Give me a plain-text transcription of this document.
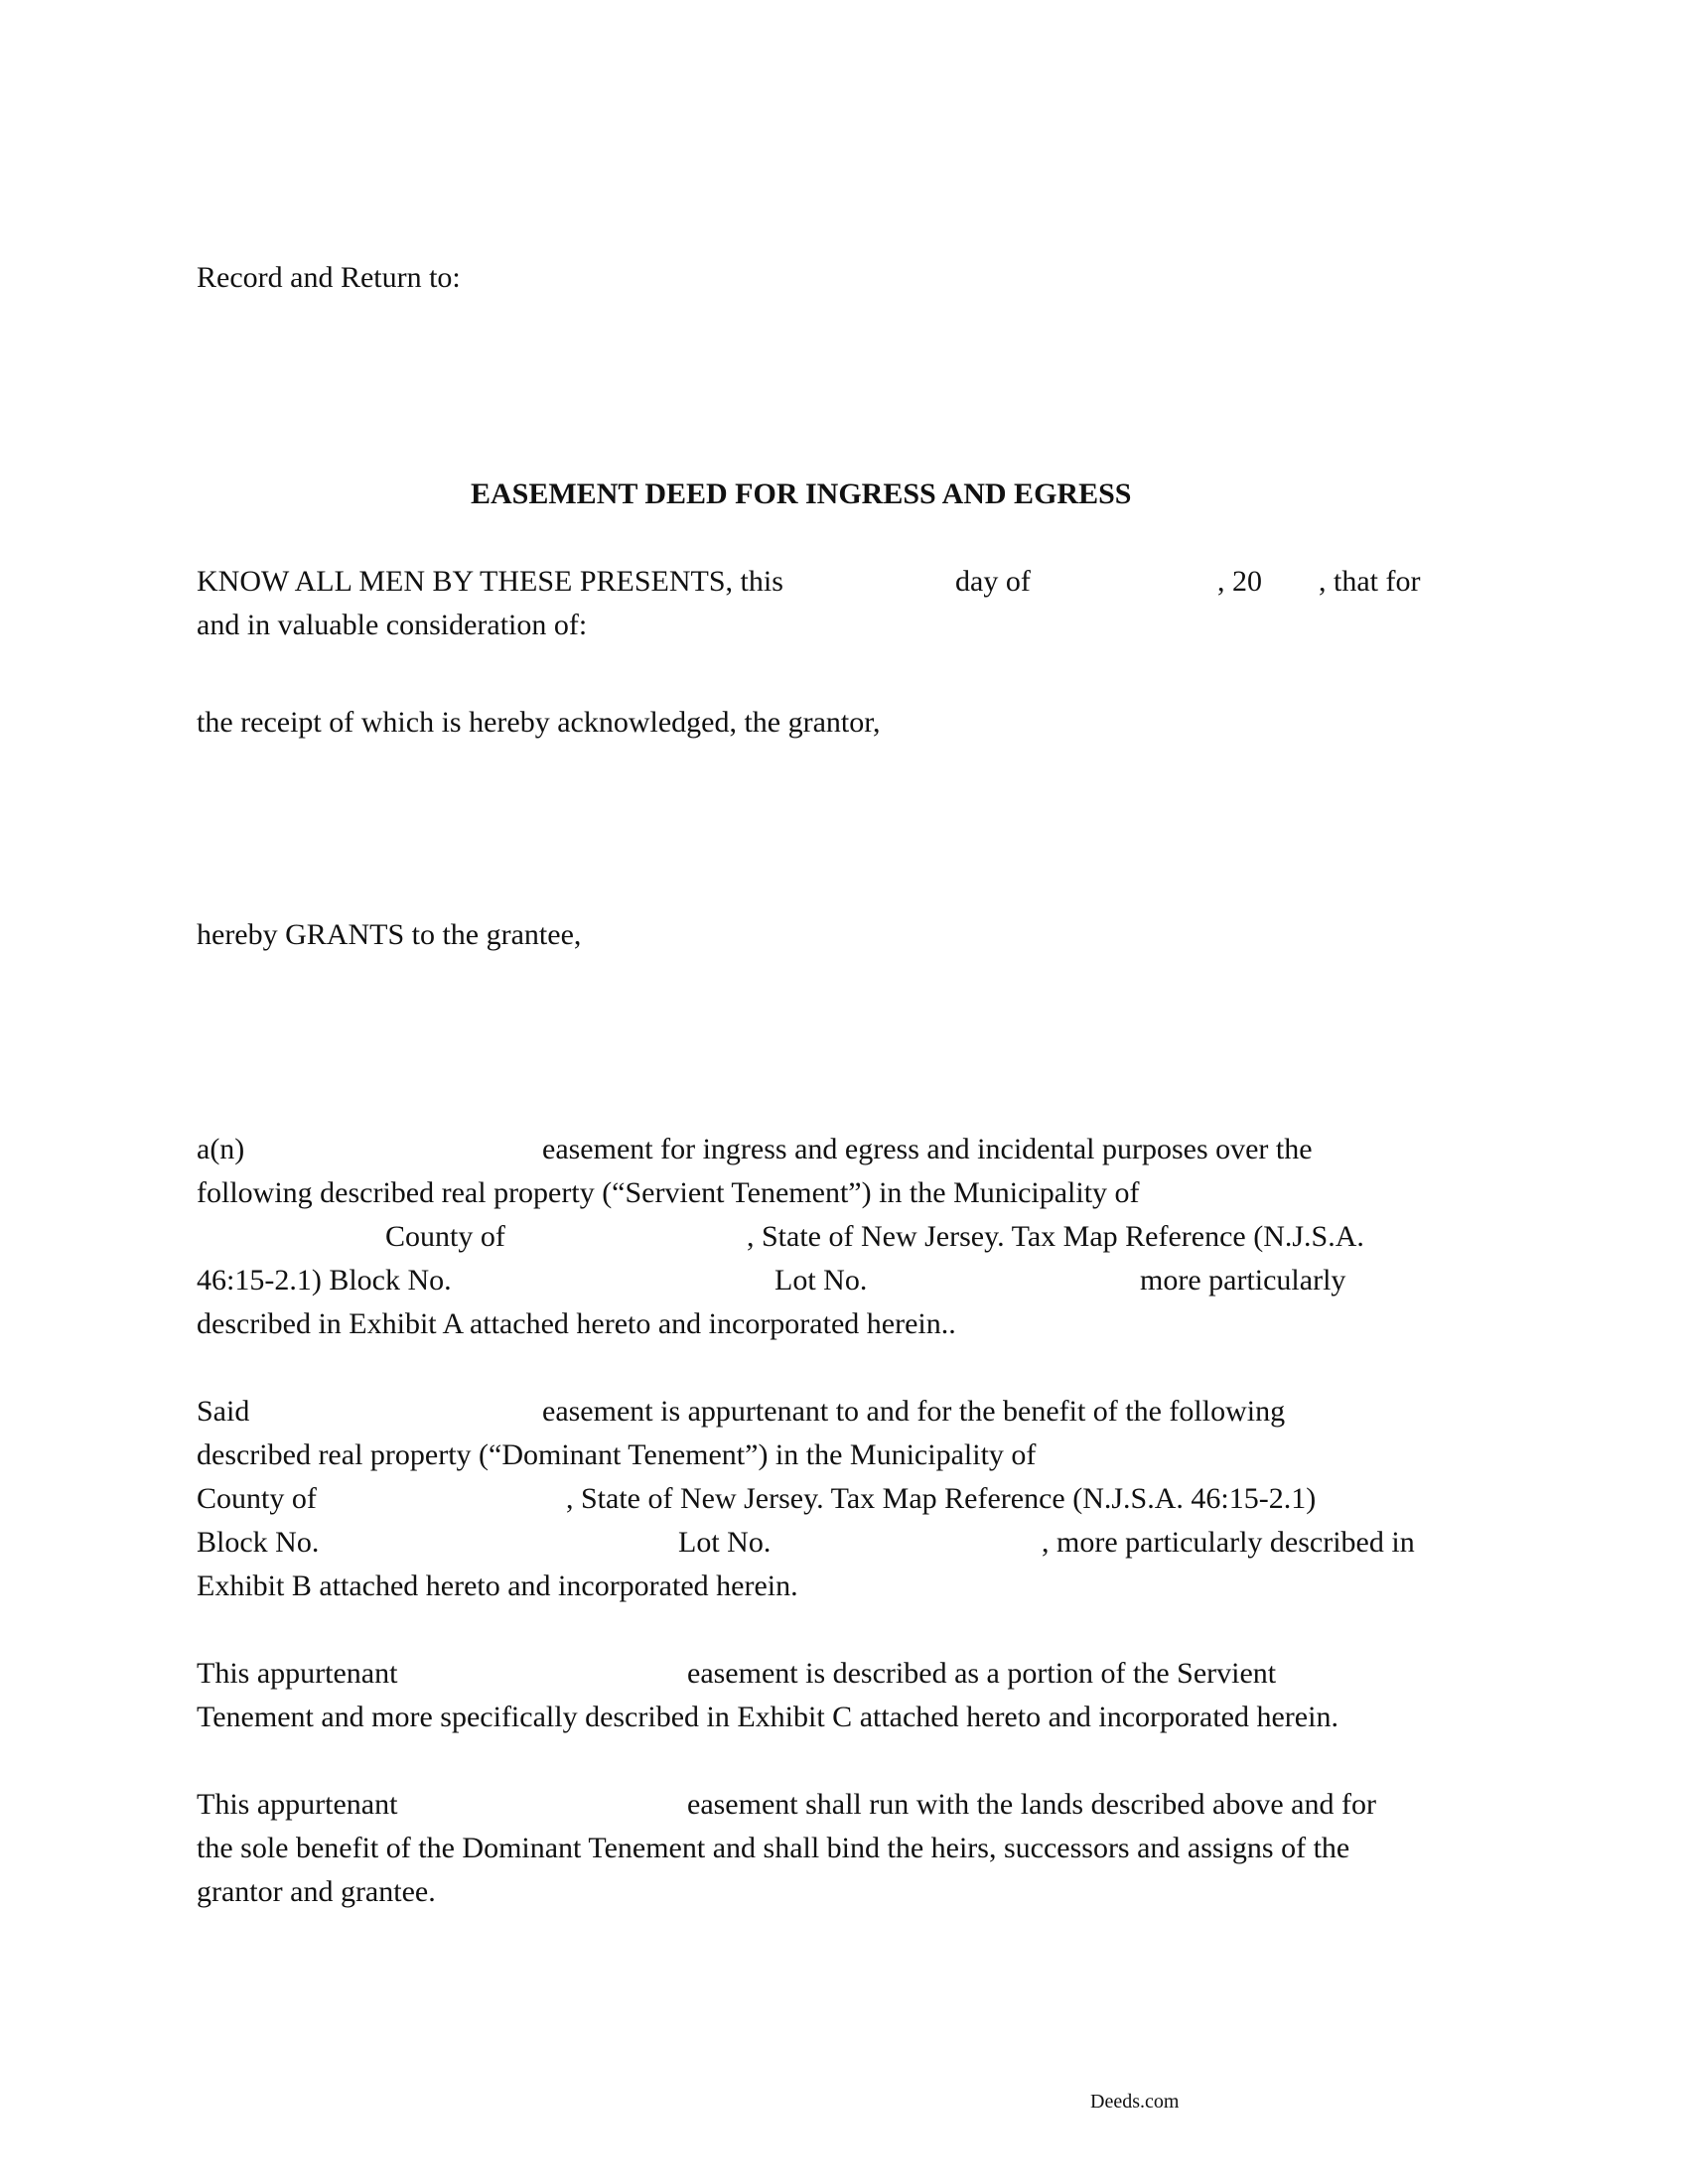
Record and Return to:
EASEMENT DEED FOR INGRESS AND EGRESS
KNOW ALL MEN BY THESE PRESENTS, this	day of	, 20 , that for
and in valuable consideration of:
the receipt of which is hereby acknowledged, the grantor,
hereby GRANTS to the grantee,
a(n)	easement for ingress and egress and incidental purposes over the
following described real property (“Servient Tenement”) in the Municipality of
County of	, State of New Jersey. Tax Map Reference (N.J.S.A.
46:15-2.1) Block No.	Lot No.	more particularly
described in Exhibit A attached hereto and incorporated herein..
Said	easement is appurtenant to and for the benefit of the following
described real property (“Dominant Tenement”) in the Municipality of
County of	, State of New Jersey. Tax Map Reference (N.J.S.A. 46:15-2.1)
Block No.	Lot No.	, more particularly described in
Exhibit B attached hereto and incorporated herein.
This appurtenant	easement is described as a portion of the Servient
Tenement and more specifically described in Exhibit C attached hereto and incorporated herein.
This appurtenant	easement shall run with the lands described above and for
the sole benefit of the Dominant Tenement and shall bind the heirs, successors and assigns of the
grantor and grantee.
Deeds.com
